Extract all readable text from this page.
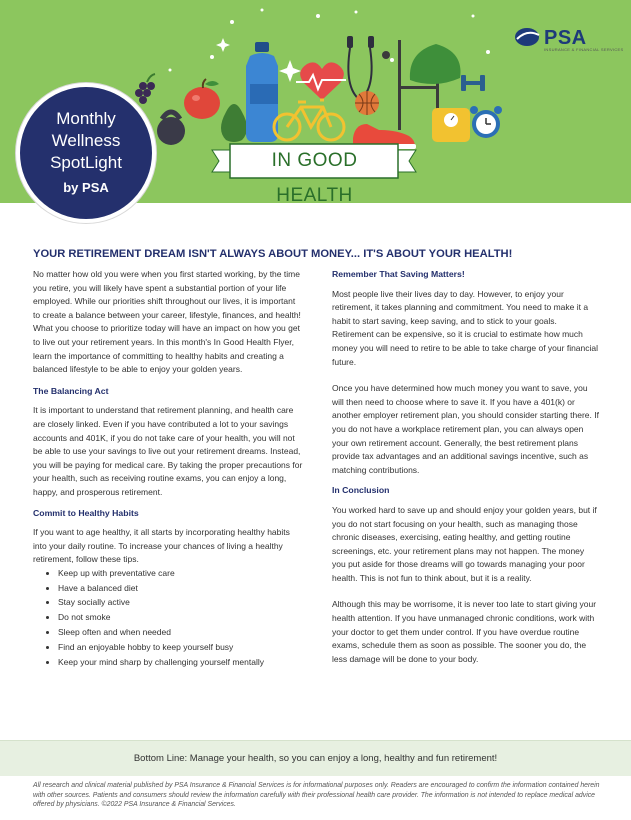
PSA
INSURANCE & FINANCIAL SERVICES
IN GOOD HEALTH
Monthly
Wellness
SpotLight
by PSA
YOUR RETIREMENT DREAM ISN'T ALWAYS ABOUT MONEY... IT'S ABOUT YOUR HEALTH!

No matter how old you were when you first started working, by the time you retire, you will likely have spent a substantial portion of your life employed. While our priorities shift throughout our lives, it is important to create a balance between your career, lifestyle, finances, and health! What you choose to prioritize today will have an impact on how you get to live out your retirement years. In this month's In Good Health Flyer, learn the importance of committing to healthy habits and creating a balanced lifestyle to be able to enjoy your golden years.

The Balancing Act

It is important to understand that retirement planning, and health care are closely linked. Even if you have contributed a lot to your savings accounts and 401K, if you do not take care of your health, you will not be able to use your savings to live out your retirement dreams. Instead, you will be paying for medical care. By taking the proper precautions for your health, such as receiving routine exams, you can enjoy a long, happy, and prosperous retirement.

Commit to Healthy Habits

If you want to age healthy, it all starts by incorporating healthy habits into your daily routine. To increase your chances of living a healthy retirement, follow these tips.

• Keep up with preventative care
• Have a balanced diet
• Stay socially active
• Do not smoke
• Sleep often and when needed
• Find an enjoyable hobby to keep yourself busy
• Keep your mind sharp by challenging yourself mentally
Remember That Saving Matters!

Most people live their lives day to day. However, to enjoy your retirement, it takes planning and commitment. You need to make it a habit to start saving, keep saving, and to stick to your goals. Retirement can be expensive, so it is crucial to estimate how much money you will need to retire to be able to take charge of your financial future.

Once you have determined how much money you want to save, you will then need to choose where to save it. If you have a 401(k) or another employer retirement plan, you should consider starting there. If you do not have a workplace retirement plan, you can always open your own retirement account. Generally, the best retirement plans provide tax advantages and an additional savings incentive, such as matching contributions.

In Conclusion

You worked hard to save up and should enjoy your golden years, but if you do not start focusing on your health, such as managing those chronic diseases, exercising, eating healthy, and getting routine screenings, etc. your retirement plans may not happen. The money you put aside for those dreams will go towards managing your poor health. This is not fun to think about, but it is a reality.

Although this may be worrisome, it is never too late to start giving your health attention. If you have unmanaged chronic conditions, work with your doctor to get them under control. If you have overdue routine exams, schedule them as soon as possible. The sooner you do, the less damage will be done to your body.

Bottom Line: Manage your health, so you can enjoy a long, healthy and fun retirement!
All research and clinical material published by PSA Insurance & Financial Services is for informational purposes only. Readers are encouraged to confirm the information contained herein with other sources. Patients and consumers should review the information carefully with their professional health care provider. The information is not intended to replace medical advice offered by physicians. ©2022 PSA Insurance & Financial Services.
